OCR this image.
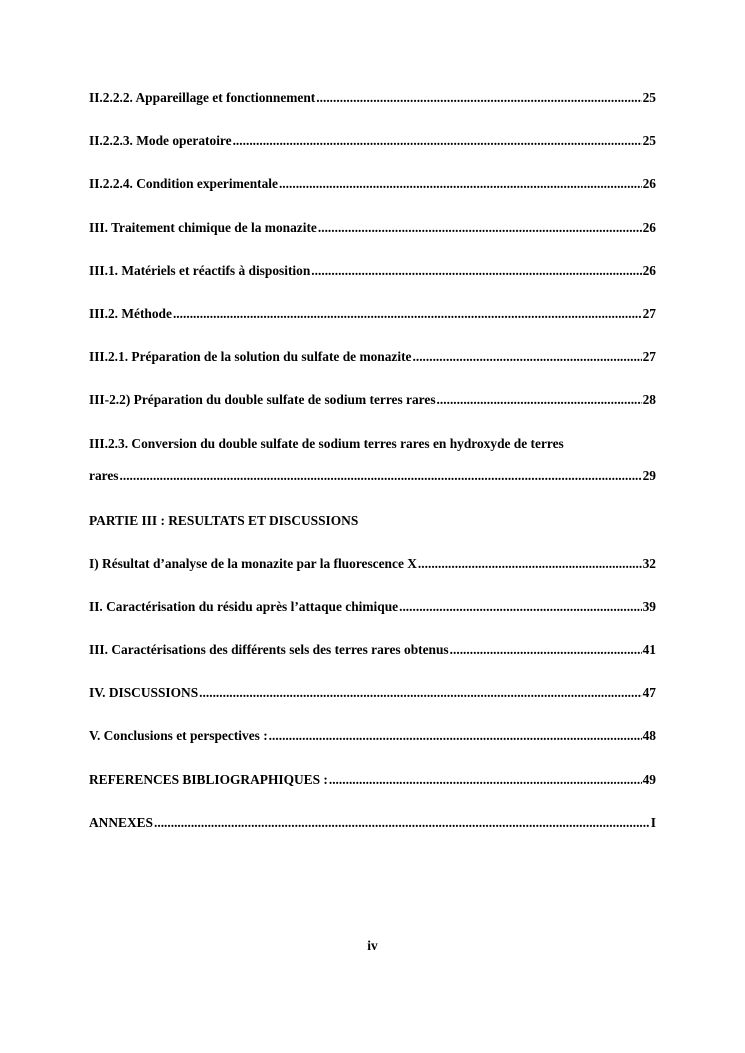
II.2.2.2. Appareillage et fonctionnement .....	25
II.2.2.3. Mode operatoire .....	25
II.2.2.4. Condition experimentale .....	26
III. Traitement chimique de la monazite .....	26
III.1. Matériels et réactifs à disposition .....	26
III.2. Méthode .....	27
III.2.1. Préparation de la solution du sulfate de monazite .....	27
III-2.2) Préparation du double sulfate de sodium terres rares .....	28
III.2.3. Conversion du double sulfate de sodium terres rares en hydroxyde de terres
rares .....	29
PARTIE III : RESULTATS ET DISCUSSIONS
I) Résultat d’analyse de la monazite par la fluorescence X .....	32
II. Caractérisation du résidu après l’attaque chimique .....	39
III. Caractérisations des différents sels des terres rares obtenus .....	41
IV. DISCUSSIONS .....	47
V. Conclusions et perspectives : .....	48
REFERENCES BIBLIOGRAPHIQUES : .....	49
ANNEXES .....	I
iv
